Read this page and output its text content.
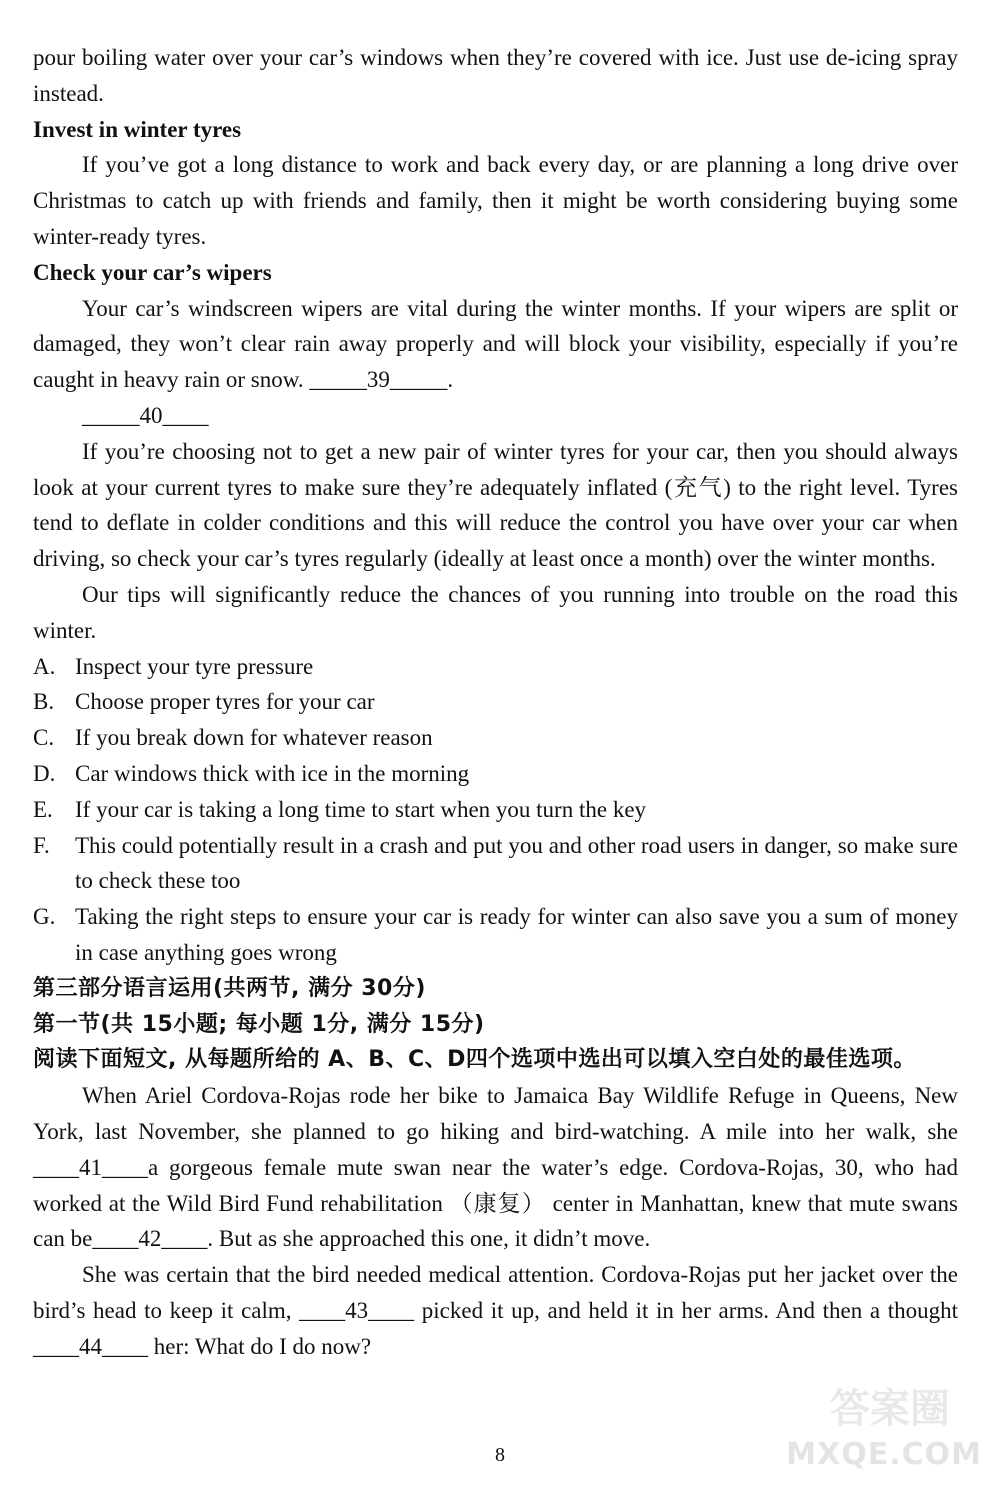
pour boiling water over your car’s windows when they’re covered with ice. Just use de-icing spray instead.

Invest in winter tyres

If you’ve got a long distance to work and back every day, or are planning a long drive over Christmas to catch up with friends and family, then it might be worth considering buying some winter-ready tyres.

Check your car’s wipers

Your car’s windscreen wipers are vital during the winter months. If your wipers are split or damaged, they won’t clear rain away properly and will block your visibility, especially if you’re caught in heavy rain or snow. _____39_____.

_____40____

If you’re choosing not to get a new pair of winter tyres for your car, then you should always look at your current tyres to make sure they’re adequately inflated (充气) to the right level. Tyres tend to deflate in colder conditions and this will reduce the control you have over your car when driving, so check your car’s tyres regularly (ideally at least once a month) over the winter months.

Our tips will significantly reduce the chances of you running into trouble on the road this winter.

A. Inspect your tyre pressure
B. Choose proper tyres for your car
C. If you break down for whatever reason
D. Car windows thick with ice in the morning
E. If your car is taking a long time to start when you turn the key
F.	This could potentially result in a crash and put you and other road users in danger, so make sure to check these too
G. Taking the right steps to ensure your car is ready for winter can also save you a sum of money in case anything goes wrong

第三部分语言运用(共两节, 满分 30分)

第一节(共 15小题; 每小题 1分, 满分 15分)

阅读下面短文, 从每题所给的 A、B、C、D四个选项中选出可以填入空白处的最佳选项。

When Ariel Cordova-Rojas rode her bike to Jamaica Bay Wildlife Refuge in Queens, New York, last November, she planned to go hiking and bird-watching. A mile into her walk, she ____41____a gorgeous female mute swan near the water’s edge. Cordova-Rojas, 30, who had worked at the Wild Bird Fund rehabilitation （康复） center in Manhattan, knew that mute swans can be____42____. But as she approached this one, it didn’t move.

She was certain that the bird needed medical attention. Cordova-Rojas put her jacket over the bird’s head to keep it calm, ____43____ picked it up, and held it in her arms. And then a thought ____44____ her: What do I do now?

8
答案圈
MXQE.COM
